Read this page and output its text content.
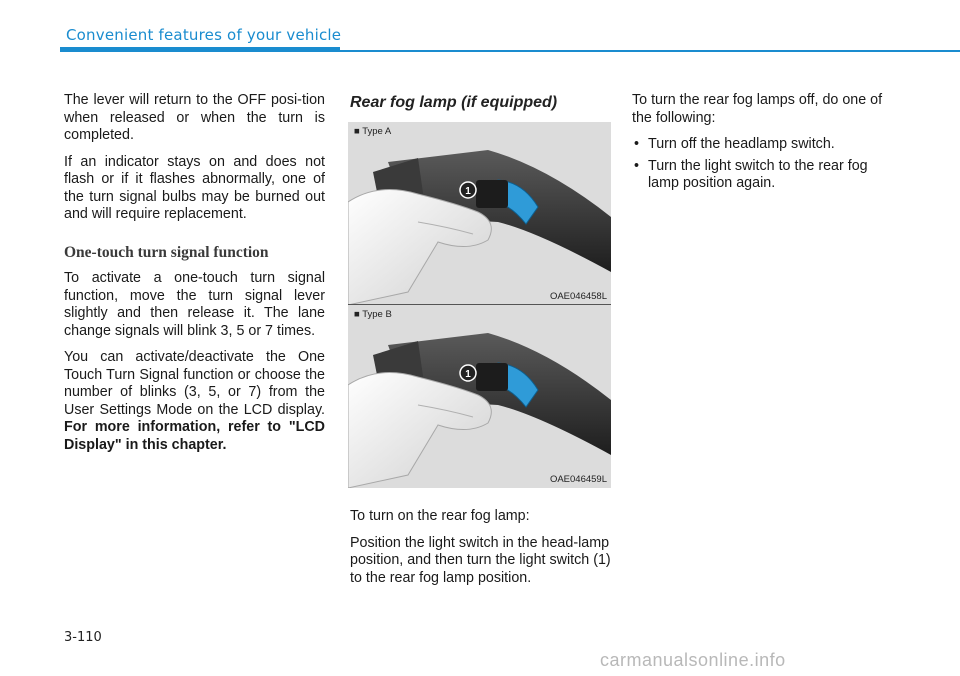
Convenient features of your vehicle

The lever will return to the OFF posi-tion when released or when the turn is completed.

If an indicator stays on and does not flash or if it flashes abnormally, one of the turn signal bulbs may be burned out and will require replacement.

One-touch turn signal function

To activate a one-touch turn signal function, move the turn signal lever slightly and then release it. The lane change signals will blink 3, 5 or 7 times.

You can activate/deactivate the One Touch Turn Signal function or choose the number of blinks (3, 5, or 7) from the User Settings Mode on the LCD display. For more information, refer to "LCD Display" in this chapter.

Rear fog lamp (if equipped)
1
■ Type A
OAE046458L
1
■ Type B
OAE046459L

To turn on the rear fog lamp:

Position the light switch in the head-lamp position, and then turn the light switch (1) to the rear fog lamp position.

To turn the rear fog lamps off, do one of the following:

• Turn off the headlamp switch.
• Turn the light switch to the rear fog lamp position again.
3-110
carmanualsonline.info
